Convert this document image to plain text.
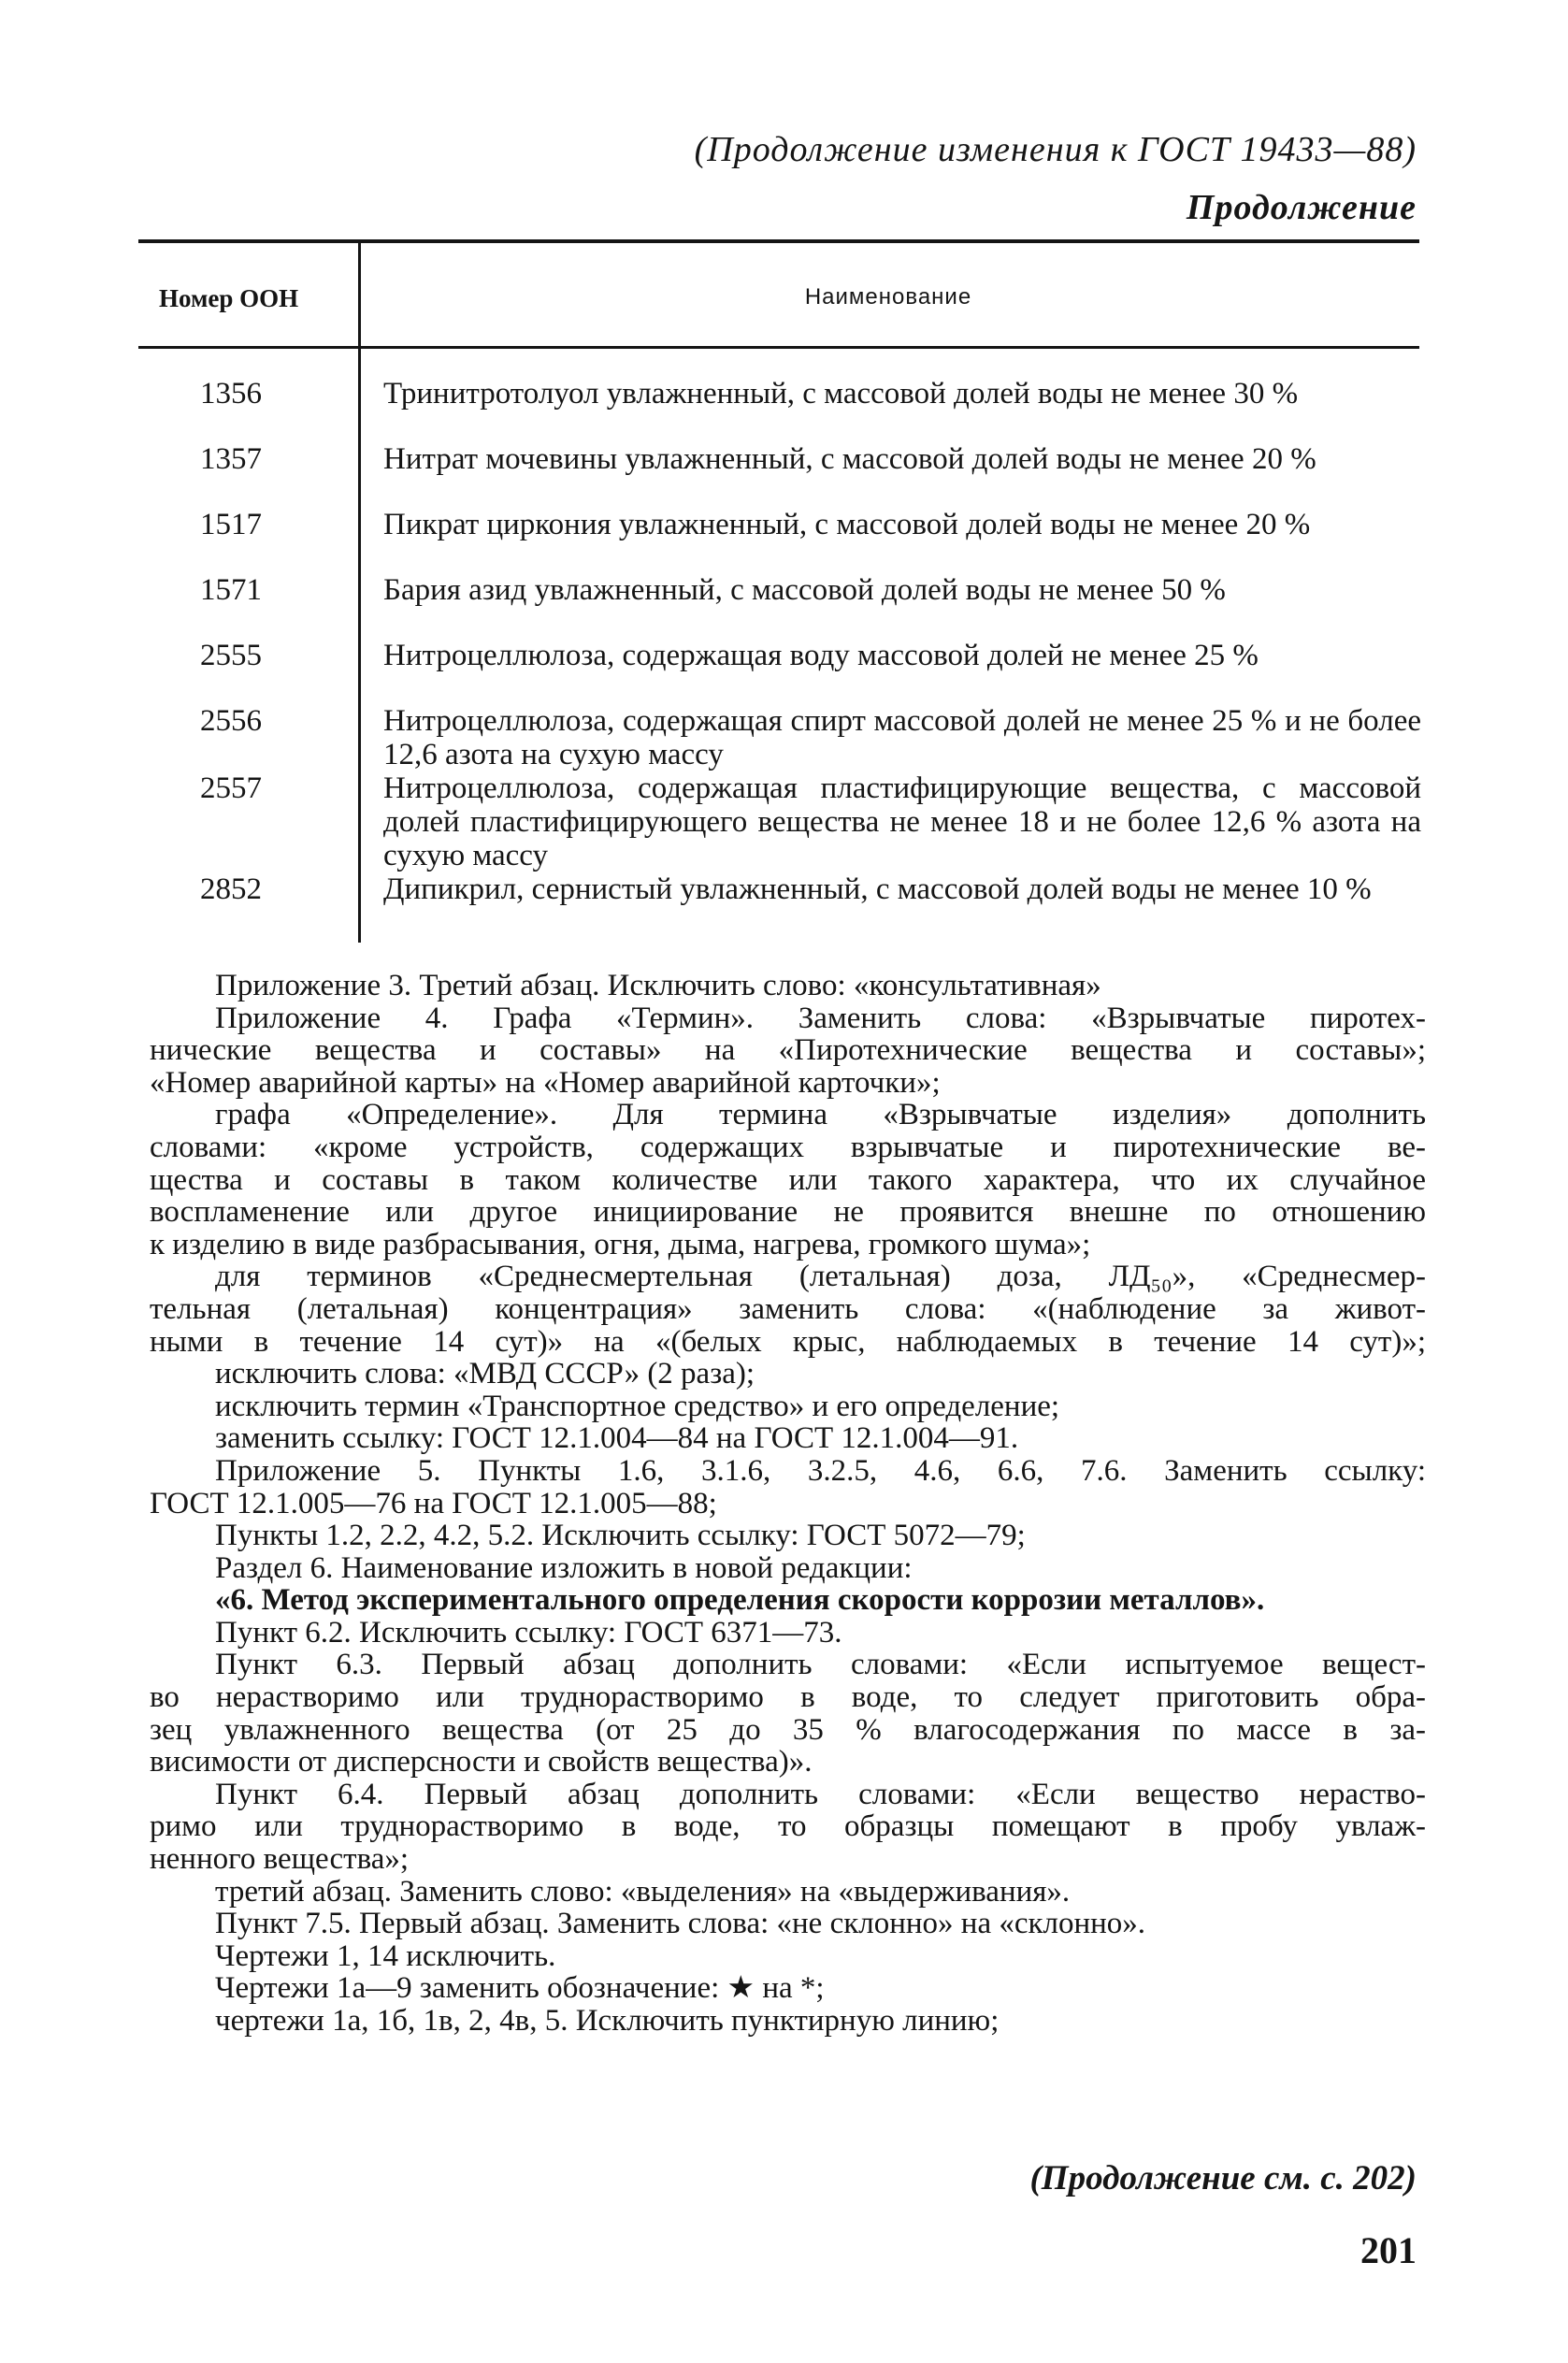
(Продолжение изменения к ГОСТ 19433—88)
Продолжение
Номер ООН	Наименование
1356	Тринитротолуол увлажненный, с массовой долей воды не менее 30 %
1357	Нитрат мочевины увлажненный, с массовой долей воды не менее 20 %
1517	Пикрат циркония увлажненный, с массовой долей воды не менее 20 %
1571	Бария азид увлажненный, с массовой долей воды не менее 50 %
2555	Нитроцеллюлоза, содержащая воду массовой долей не менее 25 %
2556	Нитроцеллюлоза, содержащая спирт массовой долей не менее 25 % и не более 12,6 азота на сухую массу
2557	Нитроцеллюлоза, содержащая пластифицирующие вещества, с массовой долей пластифицирующего вещества не менее 18 и не более 12,6 % азота на сухую массу
2852	Дипикрил, сернистый увлажненный, с массовой долей воды не менее 10 %

Приложение 3. Третий абзац. Исключить слово: «консультативная»

Приложение 4. Графа «Термин». Заменить слова: «Взрывчатые пиротех-

нические вещества и составы» на «Пиротехнические вещества и составы»;

«Номер аварийной карты» на «Номер аварийной карточки»;

графа «Определение». Для термина «Взрывчатые изделия» дополнить

словами: «кроме устройств, содержащих взрывчатые и пиротехнические ве-

щества и составы в таком количестве или такого характера, что их случайное

воспламенение или другое инициирование не проявится внешне по отношению

к изделию в виде разбрасывания, огня, дыма, нагрева, громкого шума»;

для терминов «Среднесмертельная (летальная) доза, ЛД₅₀», «Среднесмер-

тельная (летальная) концентрация» заменить слова: «(наблюдение за живот-

ными в течение 14 сут)» на «(белых крыс, наблюдаемых в течение 14 сут)»;

исключить слова: «МВД СССР» (2 раза);

исключить термин «Транспортное средство» и его определение;

заменить ссылку: ГОСТ 12.1.004—84 на ГОСТ 12.1.004—91.

Приложение 5. Пункты 1.6, 3.1.6, 3.2.5, 4.6, 6.6, 7.6. Заменить ссылку:

ГОСТ 12.1.005—76 на ГОСТ 12.1.005—88;

Пункты 1.2, 2.2, 4.2, 5.2. Исключить ссылку: ГОСТ 5072—79;

Раздел 6. Наименование изложить в новой редакции:

«6. Метод экспериментального определения скорости коррозии металлов».

Пункт 6.2. Исключить ссылку: ГОСТ 6371—73.

Пункт 6.3. Первый абзац дополнить словами: «Если испытуемое вещест-

во нерастворимо или труднорастворимо в воде, то следует приготовить обра-

зец увлажненного вещества (от 25 до 35 % влагосодержания по массе в за-

висимости от дисперсности и свойств вещества)».

Пункт 6.4. Первый абзац дополнить словами: «Если вещество нераство-

римо или труднорастворимо в воде, то образцы помещают в пробу увлаж-

ненного вещества»;

третий абзац. Заменить слово: «выделения» на «выдерживания».

Пункт 7.5. Первый абзац. Заменить слова: «не склонно» на «склонно».

Чертежи 1, 14 исключить.

Чертежи 1а—9 заменить обозначение: ★ на *;

чертежи 1а, 1б, 1в, 2, 4в, 5. Исключить пунктирную линию;

(Продолжение см. с. 202)
201
